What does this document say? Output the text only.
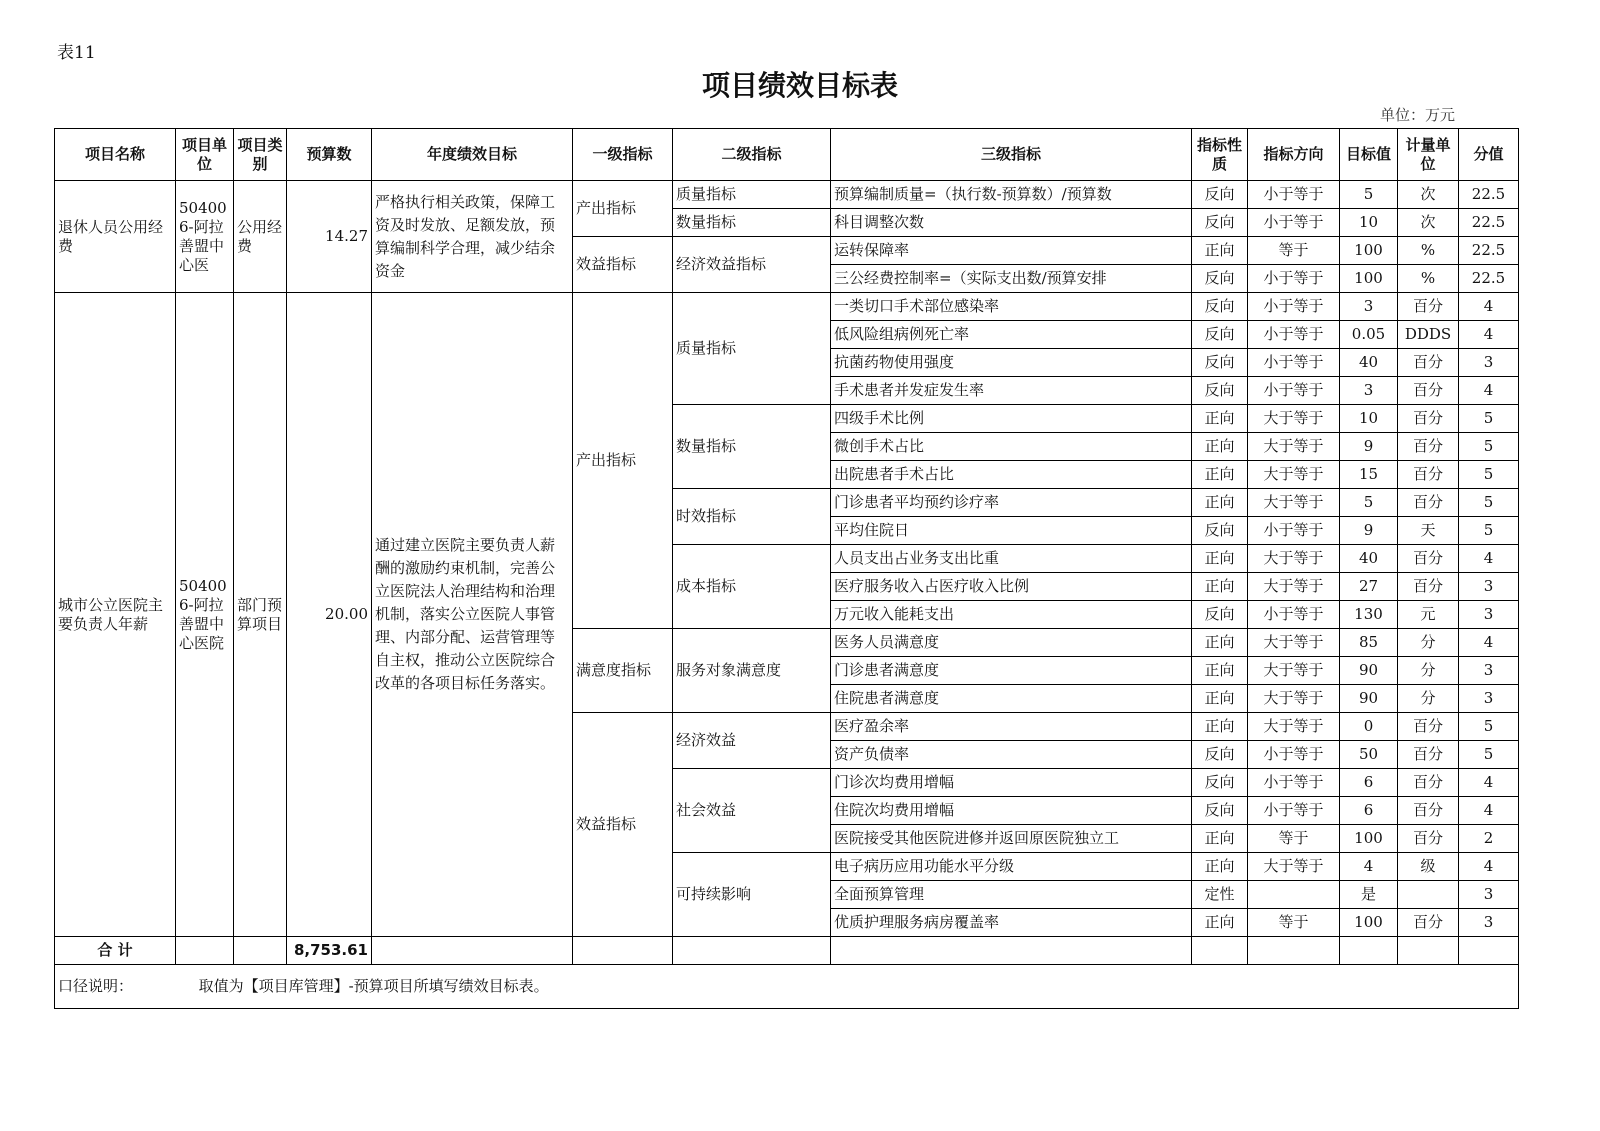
表11
项目绩效目标表
单位：万元
项目名称	项目单位	项目类别	预算数	年度绩效目标	一级指标	二级指标	三级指标	指标性质	指标方向	目标值	计量单位	分值
退休人员公用经费	504006-阿拉善盟中心医	公用经费	14.27	严格执行相关政策，保障工资及时发放、足额发放，预算编制科学合理，减少结余资金	产出指标	质量指标	预算编制质量=（执行数-预算数）/预算数	反向	小于等于	5	次	22.5
						数量指标	科目调整次数	反向	小于等于	10	次	22.5
					效益指标	经济效益指标	运转保障率	正向	等于	100	%	22.5
							三公经费控制率=（实际支出数/预算安排	反向	小于等于	100	%	22.5
城市公立医院主要负责人年薪	504006-阿拉善盟中心医院	部门预算项目	20.00	通过建立医院主要负责人薪酬的激励约束机制，完善公立医院法人治理结构和治理机制，落实公立医院人事管理、内部分配、运营管理等自主权，推动公立医院综合改革的各项目标任务落实。	产出指标	质量指标	一类切口手术部位感染率	反向	小于等于	3	百分	4
							低风险组病例死亡率	反向	小于等于	0.05	DDDS	4
							抗菌药物使用强度	反向	小于等于	40	百分	3
							手术患者并发症发生率	反向	小于等于	3	百分	4
						数量指标	四级手术比例	正向	大于等于	10	百分	5
							微创手术占比	正向	大于等于	9	百分	5
							出院患者手术占比	正向	大于等于	15	百分	5
						时效指标	门诊患者平均预约诊疗率	正向	大于等于	5	百分	5
							平均住院日	反向	小于等于	9	天	5
						成本指标	人员支出占业务支出比重	正向	大于等于	40	百分	4
							医疗服务收入占医疗收入比例	正向	大于等于	27	百分	3
							万元收入能耗支出	反向	小于等于	130	元	3
					满意度指标	服务对象满意度	医务人员满意度	正向	大于等于	85	分	4
							门诊患者满意度	正向	大于等于	90	分	3
							住院患者满意度	正向	大于等于	90	分	3
					效益指标	经济效益	医疗盈余率	正向	大于等于	0	百分	5
							资产负债率	反向	小于等于	50	百分	5
						社会效益	门诊次均费用增幅	反向	小于等于	6	百分	4
							住院次均费用增幅	反向	小于等于	6	百分	4
							医院接受其他医院进修并返回原医院独立工	正向	等于	100	百分	2
						可持续影响	电子病历应用功能水平分级	正向	大于等于	4	级	4
							全面预算管理	定性		是		3
							优质护理服务病房覆盖率	正向	等于	100	百分	3
合 计			8,753.61									
口径说明： 取值为【项目库管理】-预算项目所填写绩效目标表。												
